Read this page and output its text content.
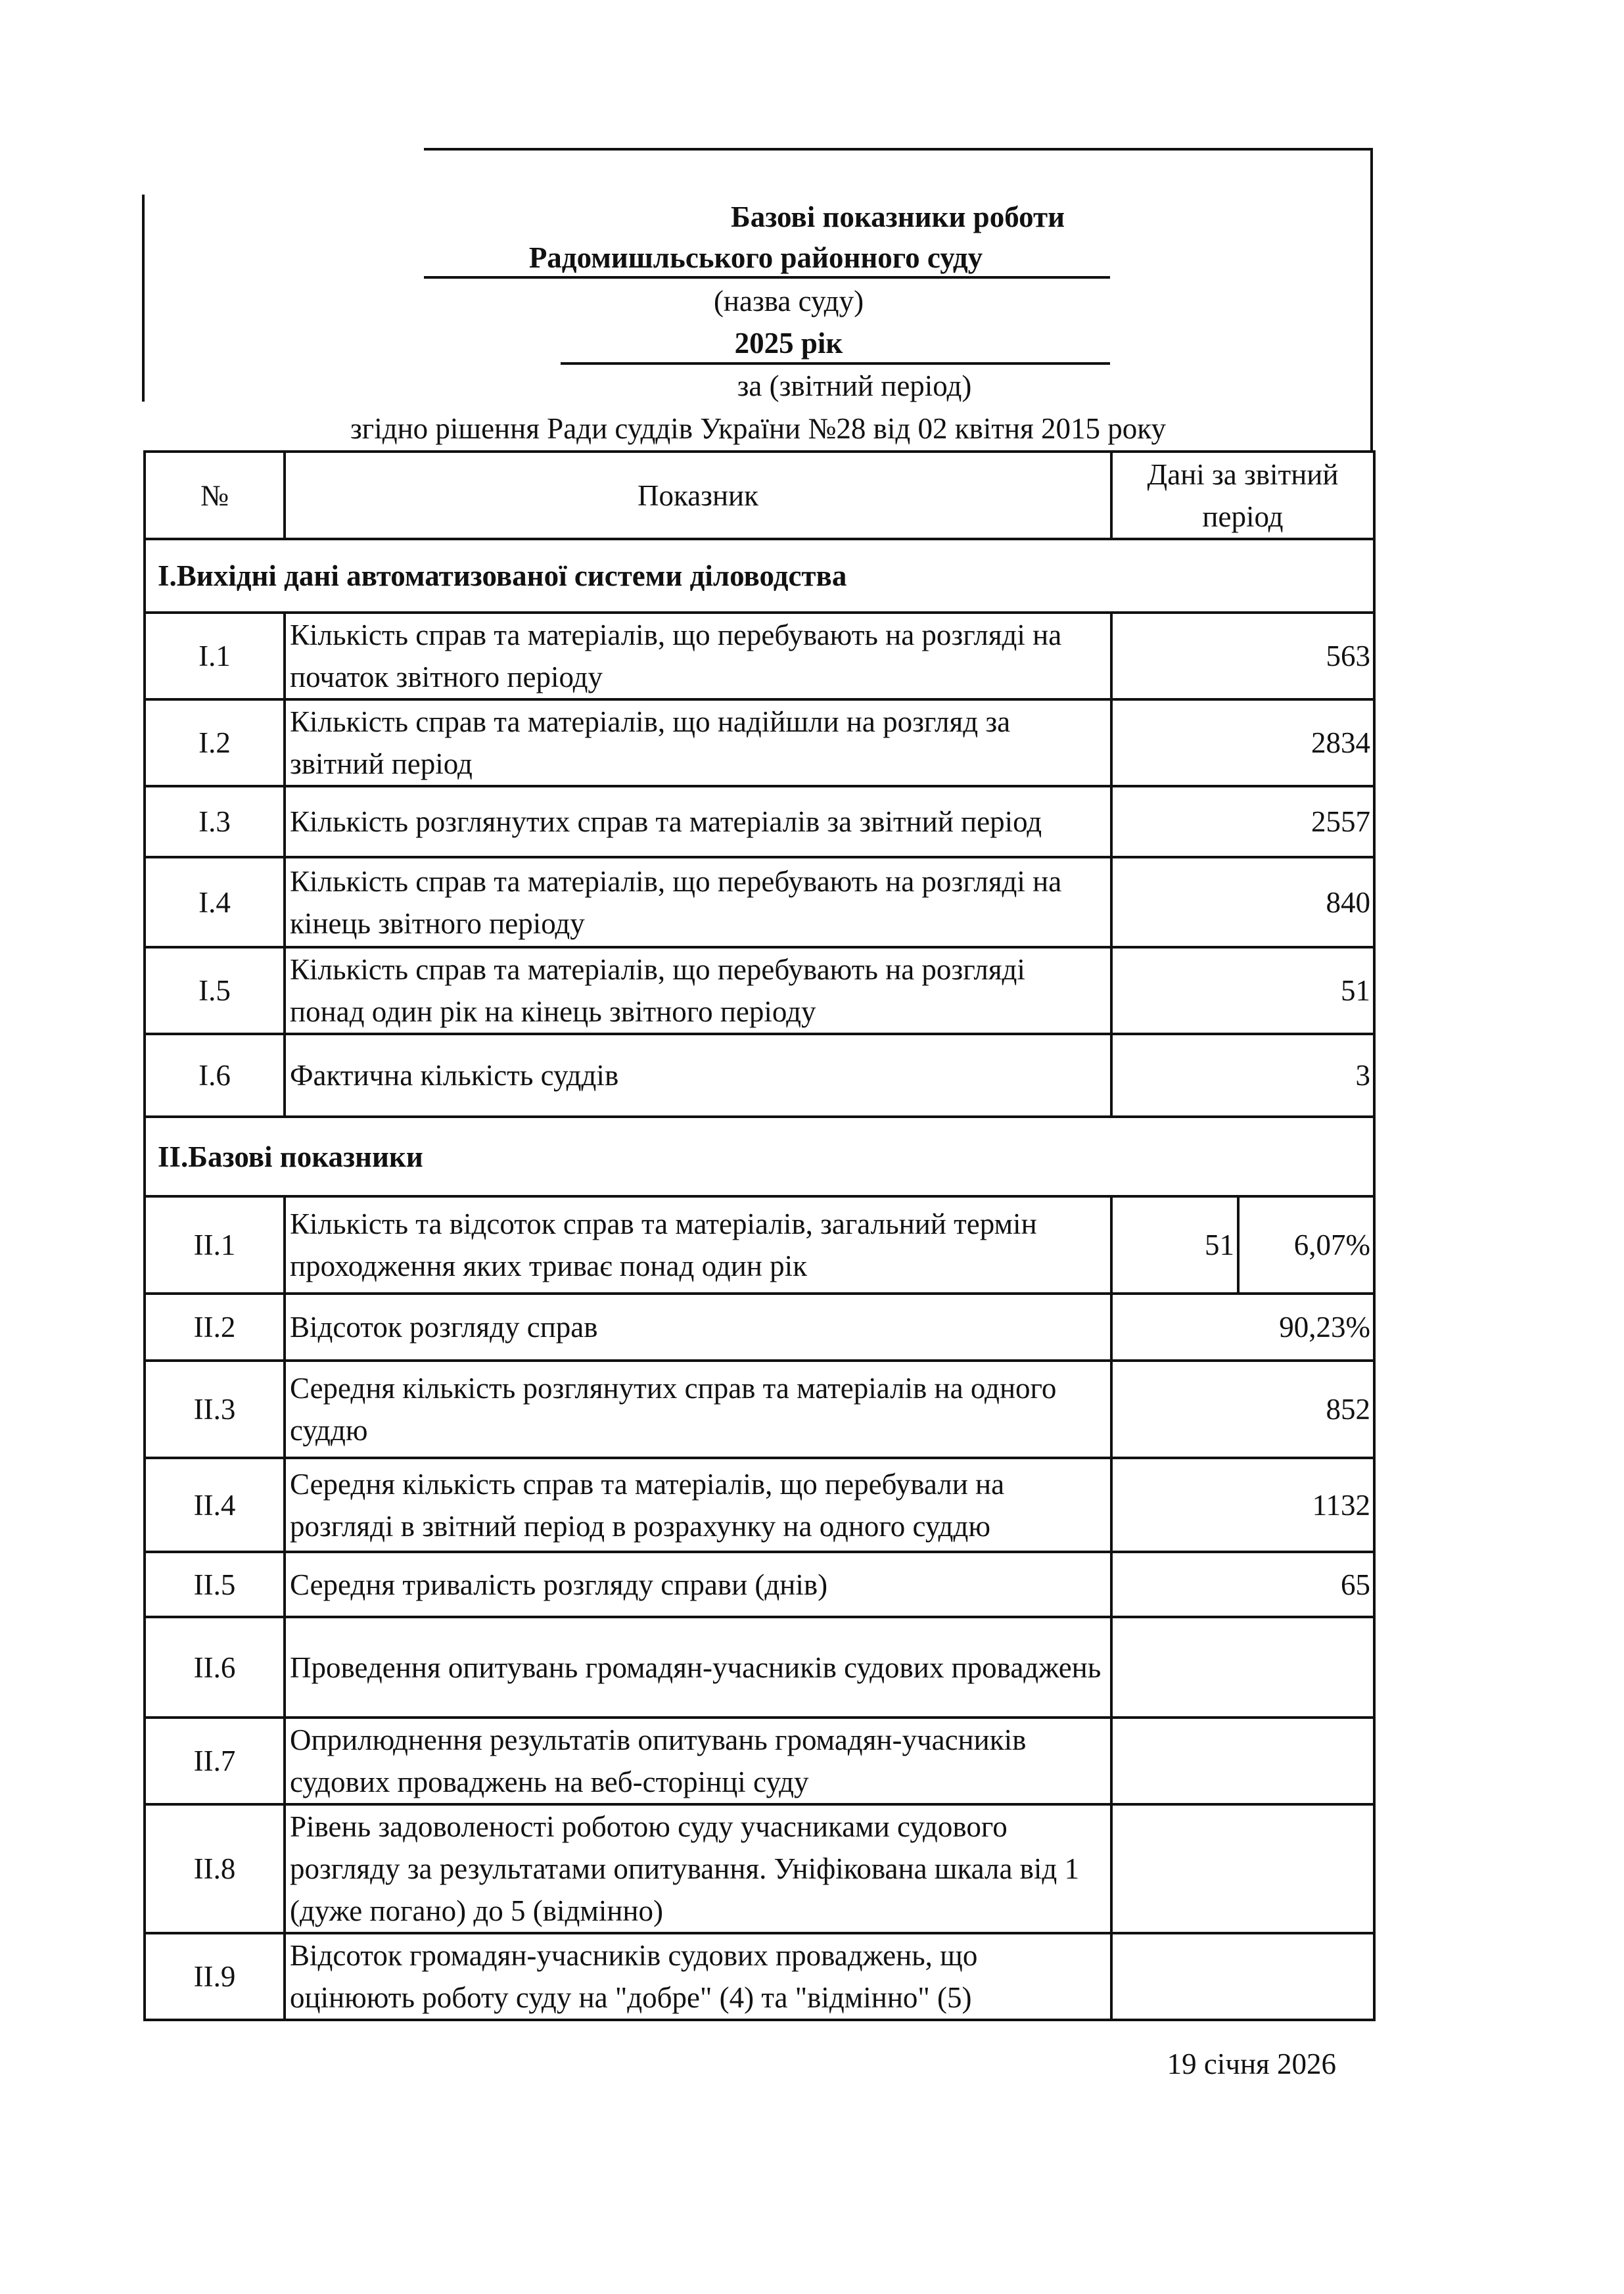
Базові показники роботи
Радомишльського районного суду
(назва суду)
2025 рік
за (звітний період)
згідно рішення Ради суддів України №28 від 02 квітня 2015 року
№	Показник	Дані за звітний період	
І.Вихідні дані автоматизованої системи діловодства			
І.1	Кількість справ та матеріалів, що перебувають на розгляді на початок звітного періоду	563	
І.2	Кількість справ та матеріалів, що надійшли на розгляд за звітний період	2834	
І.3	Кількість розглянутих справ та матеріалів за звітний період	2557	
І.4	Кількість справ та матеріалів, що перебувають на розгляді на кінець звітного періоду	840	
І.5	Кількість справ та матеріалів, що перебувають на розгляді понад один рік на кінець звітного періоду	51	
І.6	Фактична кількість суддів	3	
ІІ.Базові показники			
ІІ.1	Кількість та відсоток справ та матеріалів, загальний термін проходження яких триває понад один рік	51	6,07%
ІІ.2	Відсоток розгляду справ	90,23%	
ІІ.3	Середня кількість розглянутих справ та матеріалів на одного суддю	852	
ІІ.4	Середня кількість справ та матеріалів, що перебували на розгляді в звітний період в розрахунку на одного суддю	1132	
ІІ.5	Середня тривалість розгляду справи (днів)	65	
ІІ.6	Проведення опитувань громадян-учасників судових проваджень		
ІІ.7	Оприлюднення результатів опитувань громадян-учасників судових проваджень на веб-сторінці суду		
ІІ.8	Рівень задоволеності роботою суду учасниками судового розгляду за результатами опитування. Уніфікована шкала від 1 (дуже погано) до 5 (відмінно)		
ІІ.9	Відсоток громадян-учасників судових проваджень, що оцінюють роботу суду на "добре" (4) та "відмінно" (5)		
19 січня 2026
